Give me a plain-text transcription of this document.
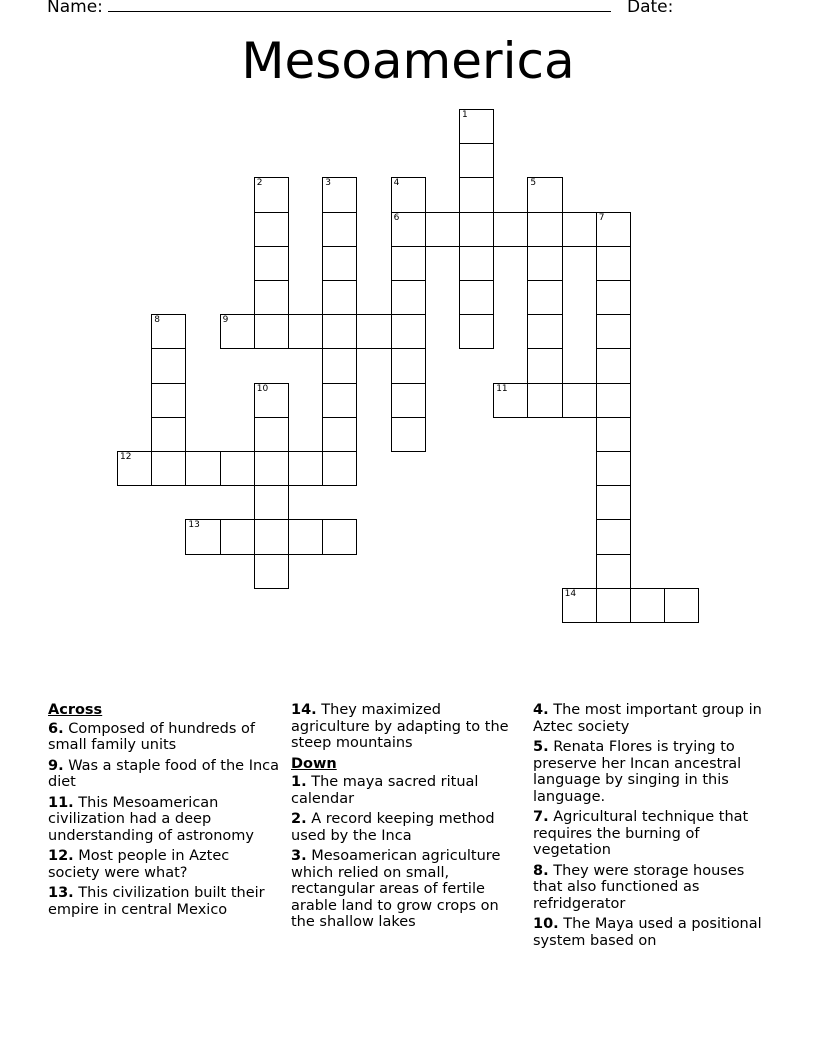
Name:	Date:
Mesoamerica
1
2	3	4
6
5
7
8	9
10	11
12
13
14
Across
6. Composed of hundreds of small family units
9. Was a staple food of the Inca diet
11. This Mesoamerican civilization had a deep understanding of astronomy
12. Most people in Aztec society were what?
13. This civilization built their empire in central Mexico
14. They maximized agriculture by adapting to the steep mountains
Down
1. The maya sacred ritual calendar
2. A record keeping method used by the Inca
3. Mesoamerican agriculture which relied on small, rectangular areas of fertile arable land to grow crops on the shallow lakes
4. The most important group in Aztec society
5. Renata Flores is trying to preserve her Incan ancestral language by singing in this language.
7. Agricultural technique that requires the burning of vegetation
8. They were storage houses that also functioned as refridgerator
10. The Maya used a positional system based on
